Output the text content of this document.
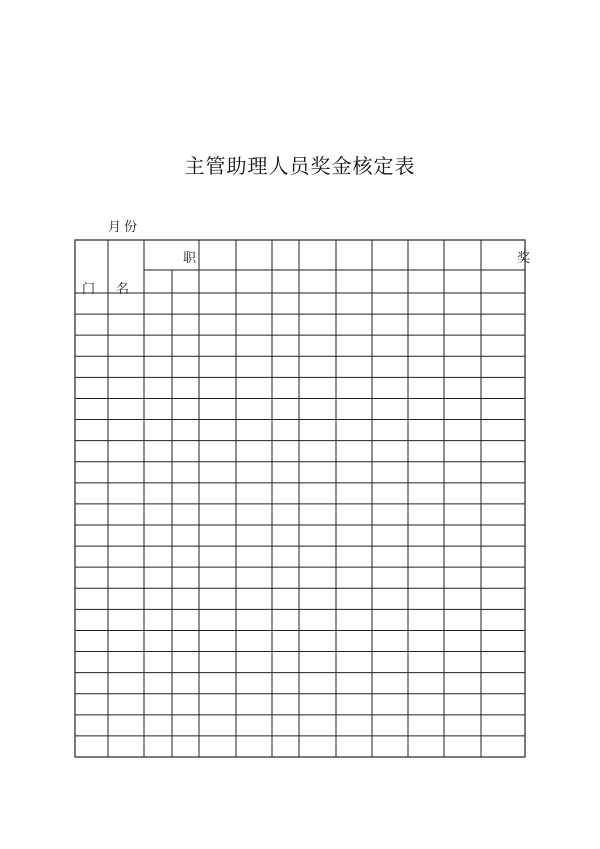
主管助理人员奖金核定表
月份
职	奖
门 名
